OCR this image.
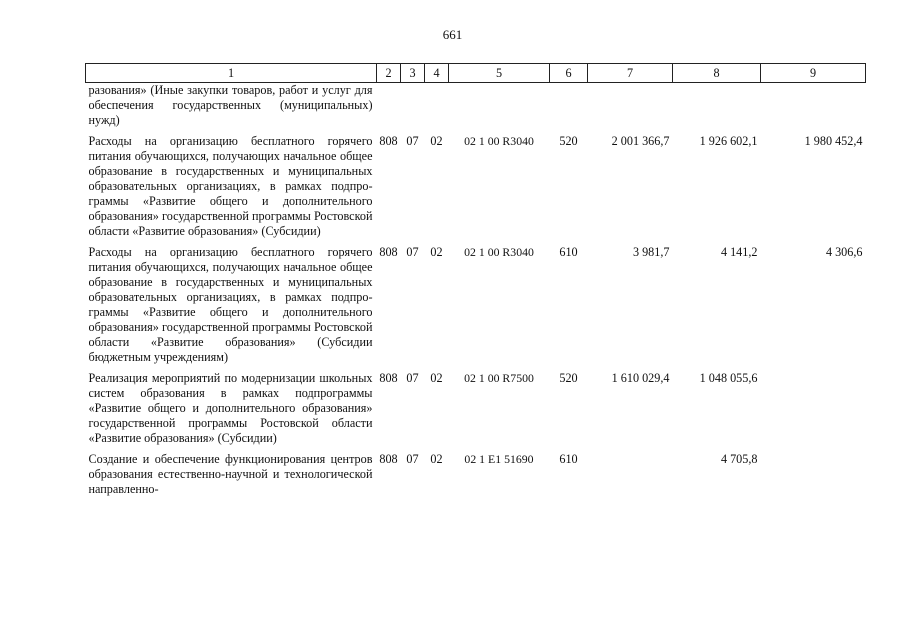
661
1	2	3	4	5	6	7	8	9
разования» (Иные закупки товаров, работ и услуг для обеспечения государственных (муниципальных) нужд)								
Расходы на организацию бесплатного горячего питания обучающихся, получающих начальное общее образование в государственных и муниципальных образовательных организациях, в рамках подпрограммы «Развитие общего и дополнительного образования» государственной программы Ростовской области «Развитие образования» (Субсидии)	808	07	02	02 1 00 R3040	520	2 001 366,7	1 926 602,1	1 980 452,4
Расходы на организацию бесплатного горячего питания обучающихся, получающих начальное общее образование в государственных и муниципальных образовательных организациях, в рамках подпрограммы «Развитие общего и дополнительного образования» государственной программы Ростовской области «Развитие образования» (Субсидии бюджетным учреждениям)	808	07	02	02 1 00 R3040	610	3 981,7	4 141,2	4 306,6
Реализация мероприятий по модернизации школьных систем образования в рамках подпрограммы «Развитие общего и дополнительного образования» государственной программы Ростовской области «Развитие образования» (Субсидии)	808	07	02	02 1 00 R7500	520	1 610 029,4	1 048 055,6	
Создание и обеспечение функционирования центров образования естественно-научной и технологической направленно-	808	07	02	02 1 E1 51690	610		4 705,8	
